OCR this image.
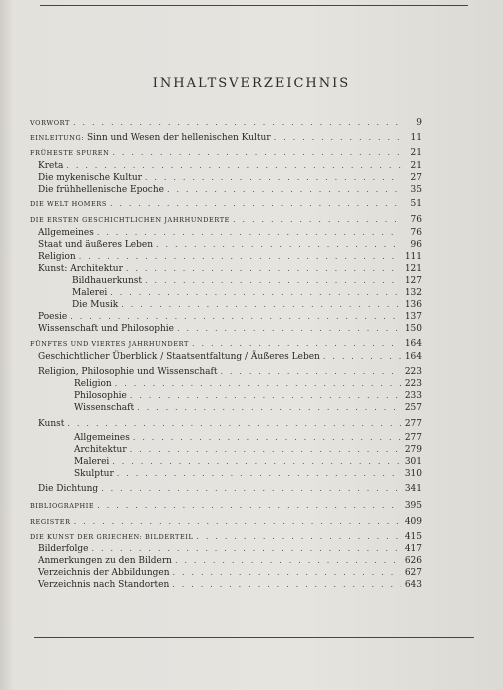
INHALTSVERZEICHNIS
VORWORT . . .	9
EINLEITUNG: Sinn und Wesen der hellenischen Kultur . . .	11
FRÜHESTE SPUREN . . .	21
Kreta . . .	21
Die mykenische Kultur . . .	27
Die frühhellenische Epoche . . .	35
DIE WELT HOMERS . . .	51
DIE ERSTEN GESCHICHTLICHEN JAHRHUNDERTE . . .	76
Allgemeines . . .	76
Staat und äußeres Leben . . .	96
Religion . . .	111
Kunst: Architektur . . .	121
Bildhauerkunst . . .	127
Malerei . . .	132
Die Musik . . .	136
Poesie . . .	137
Wissenschaft und Philosophie . . .	150
FÜNFTES UND VIERTES JAHRHUNDERT . . .	164
Geschichtlicher Überblick / Staatsentfaltung / Äußeres Leben . . .	164
Religion, Philosophie und Wissenschaft . . .	223
Religion . . .	223
Philosophie . . .	233
Wissenschaft . . .	257
Kunst . . .	277
Allgemeines . . .	277
Architektur . . .	279
Malerei . . .	301
Skulptur . . .	310
Die Dichtung . . .	341
BIBLIOGRAPHIE . . .	395
REGISTER . . .	409
DIE KUNST DER GRIECHEN: BILDERTEIL . . .	415
Bilderfolge . . .	417
Anmerkungen zu den Bildern . . .	626
Verzeichnis der Abbildungen . . .	627
Verzeichnis nach Standorten . . .	643
